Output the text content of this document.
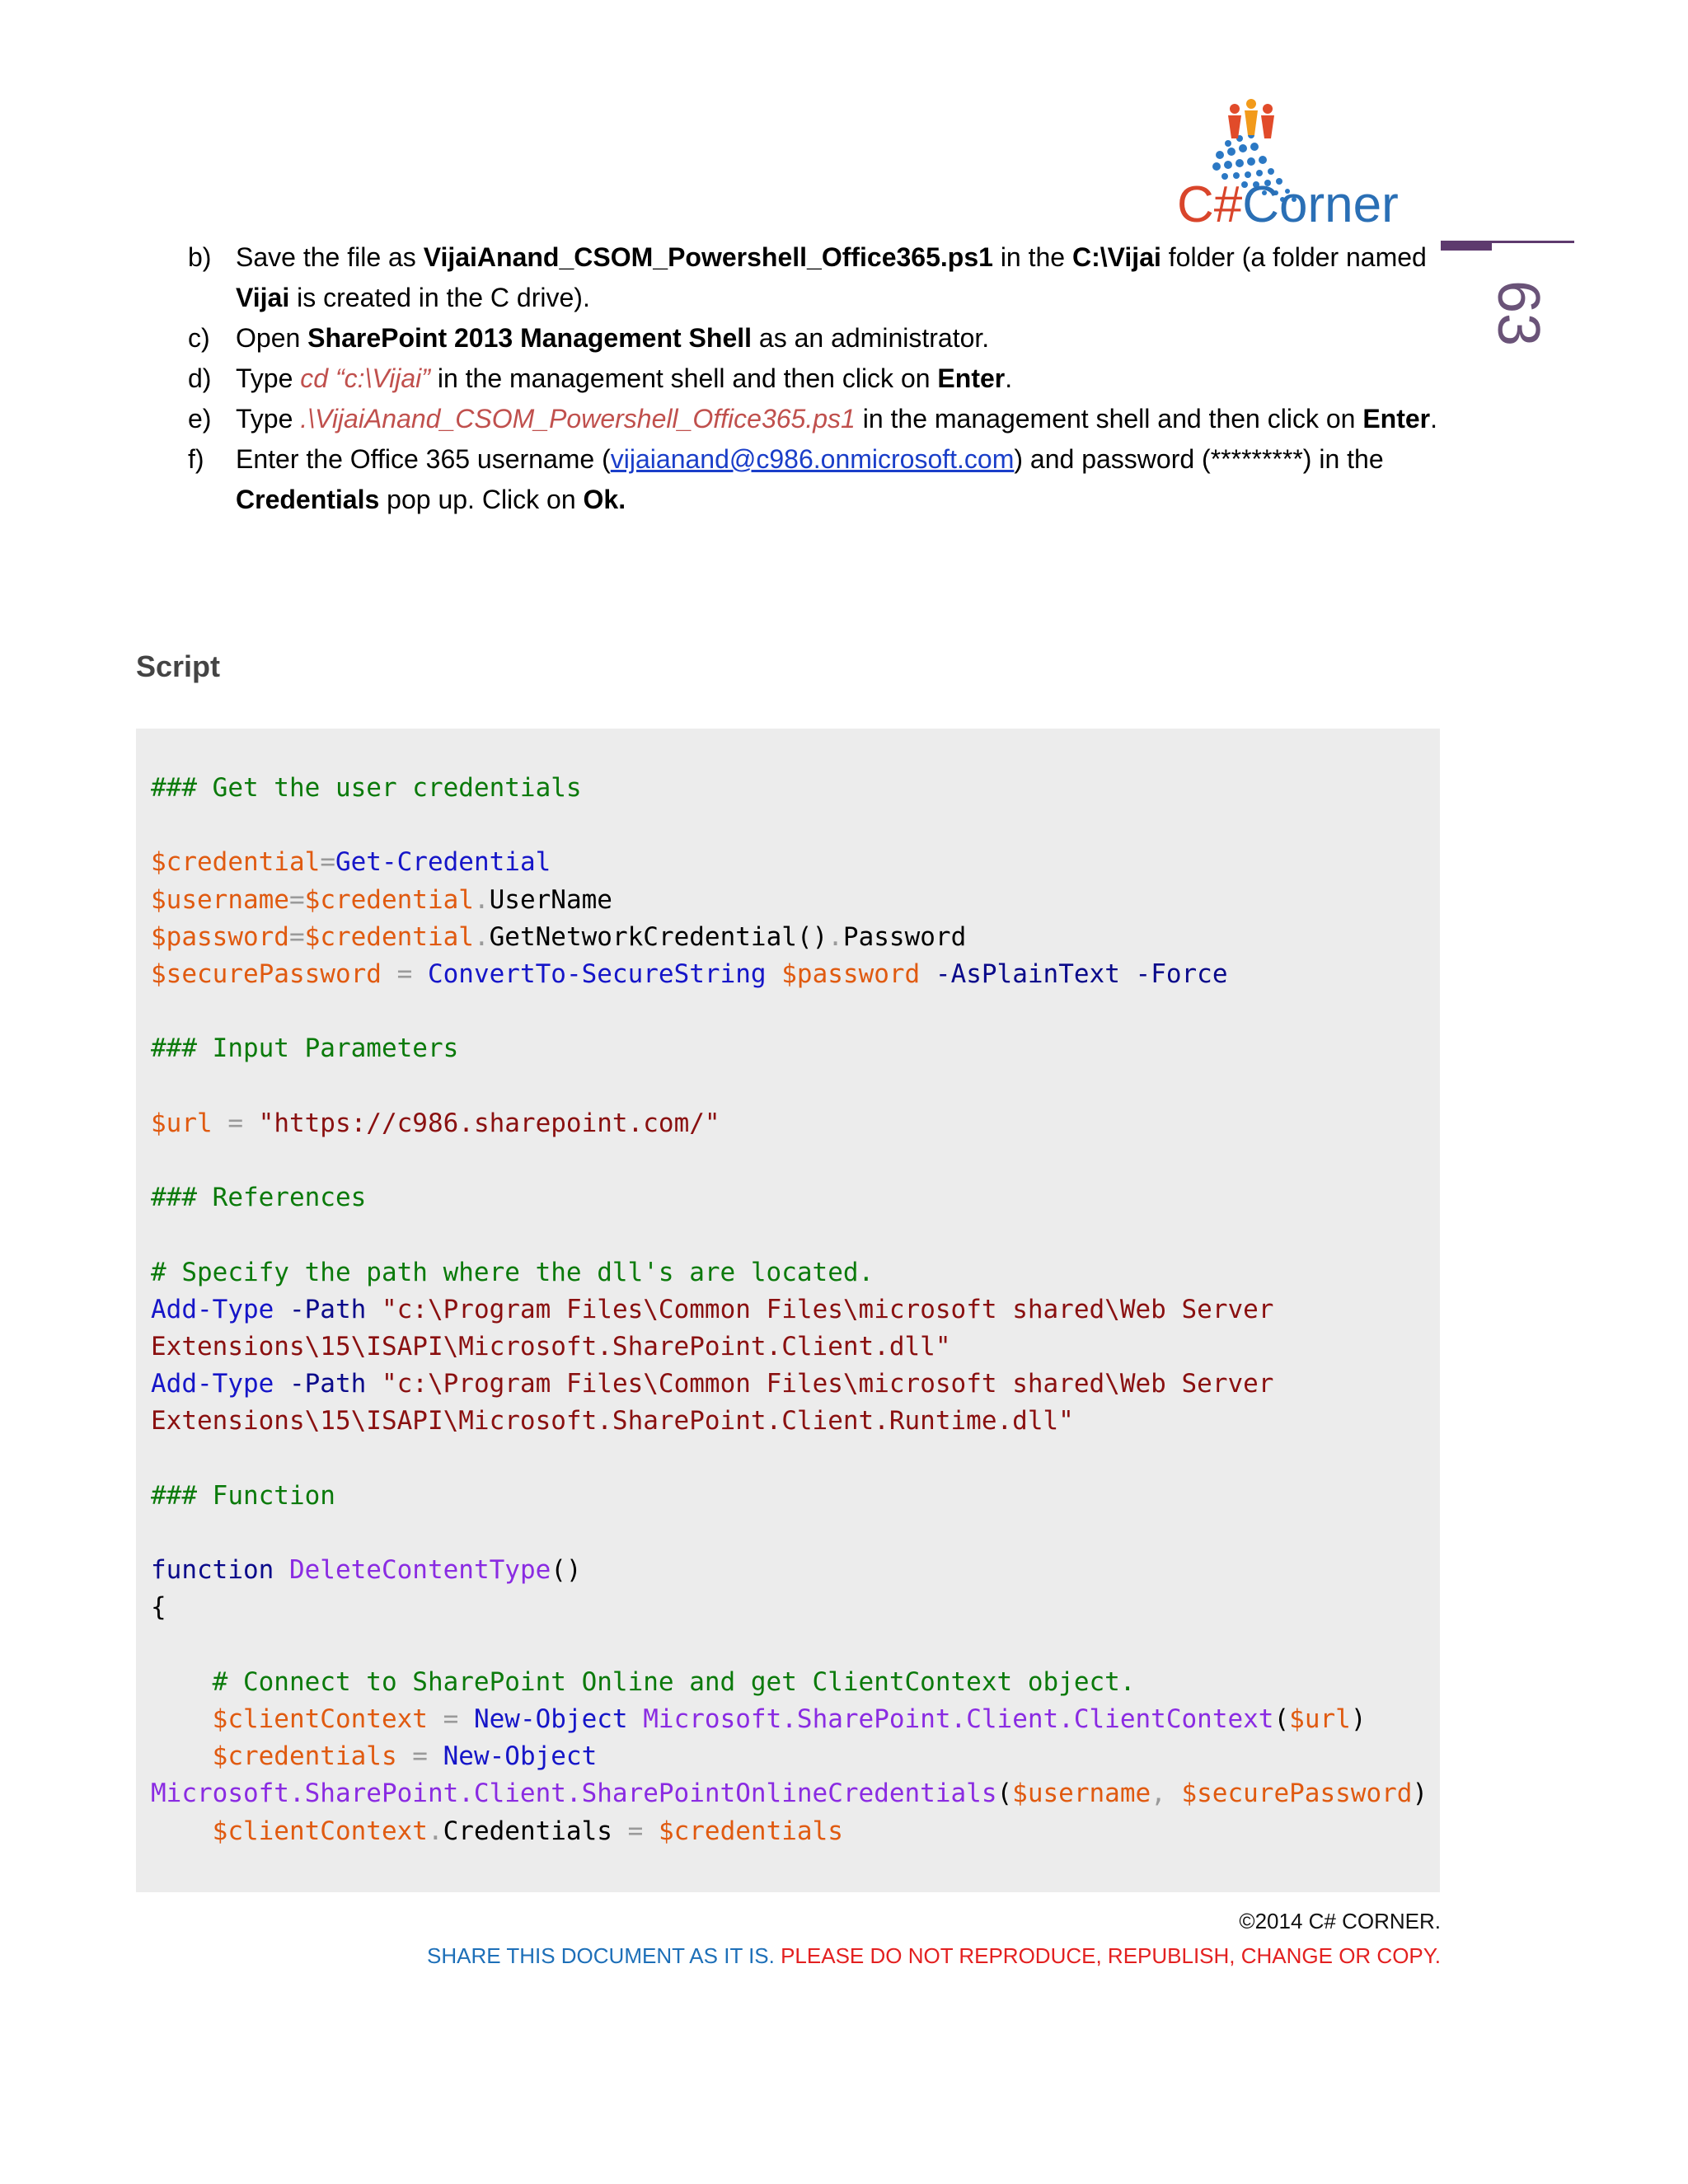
C#Corner
63
b) Save the file as VijaiAnand_CSOM_Powershell_Office365.ps1 in the C:\Vijai folder (a folder named Vijai is created in the C drive).
c) Open SharePoint 2013 Management Shell as an administrator.
d) Type cd “c:\Vijai” in the management shell and then click on Enter.
e) Type .\VijaiAnand_CSOM_Powershell_Office365.ps1 in the management shell and then click on Enter.
f)	Enter the Office 365 username (vijaianand@c986.onmicrosoft.com) and password (*********) in the Credentials pop up. Click on Ok.
Script
### Get the user credentials

$credential=Get-Credential
$username=$credential.UserName
$password=$credential.GetNetworkCredential().Password
$securePassword = ConvertTo-SecureString $password -AsPlainText -Force

### Input Parameters

$url = "https://c986.sharepoint.com/"

### References

# Specify the path where the dll's are located.
Add-Type -Path "c:\Program Files\Common Files\microsoft shared\Web Server
Extensions\15\ISAPI\Microsoft.SharePoint.Client.dll"
Add-Type -Path "c:\Program Files\Common Files\microsoft shared\Web Server
Extensions\15\ISAPI\Microsoft.SharePoint.Client.Runtime.dll"

### Function

function DeleteContentType()
{

# Connect to SharePoint Online and get ClientContext object.
$clientContext = New-Object Microsoft.SharePoint.Client.ClientContext($url)
$credentials = New-Object
Microsoft.SharePoint.Client.SharePointOnlineCredentials($username, $securePassword)
$clientContext.Credentials = $credentials
©2014 C# CORNER.
SHARE THIS DOCUMENT AS IT IS. PLEASE DO NOT REPRODUCE, REPUBLISH, CHANGE OR COPY.
